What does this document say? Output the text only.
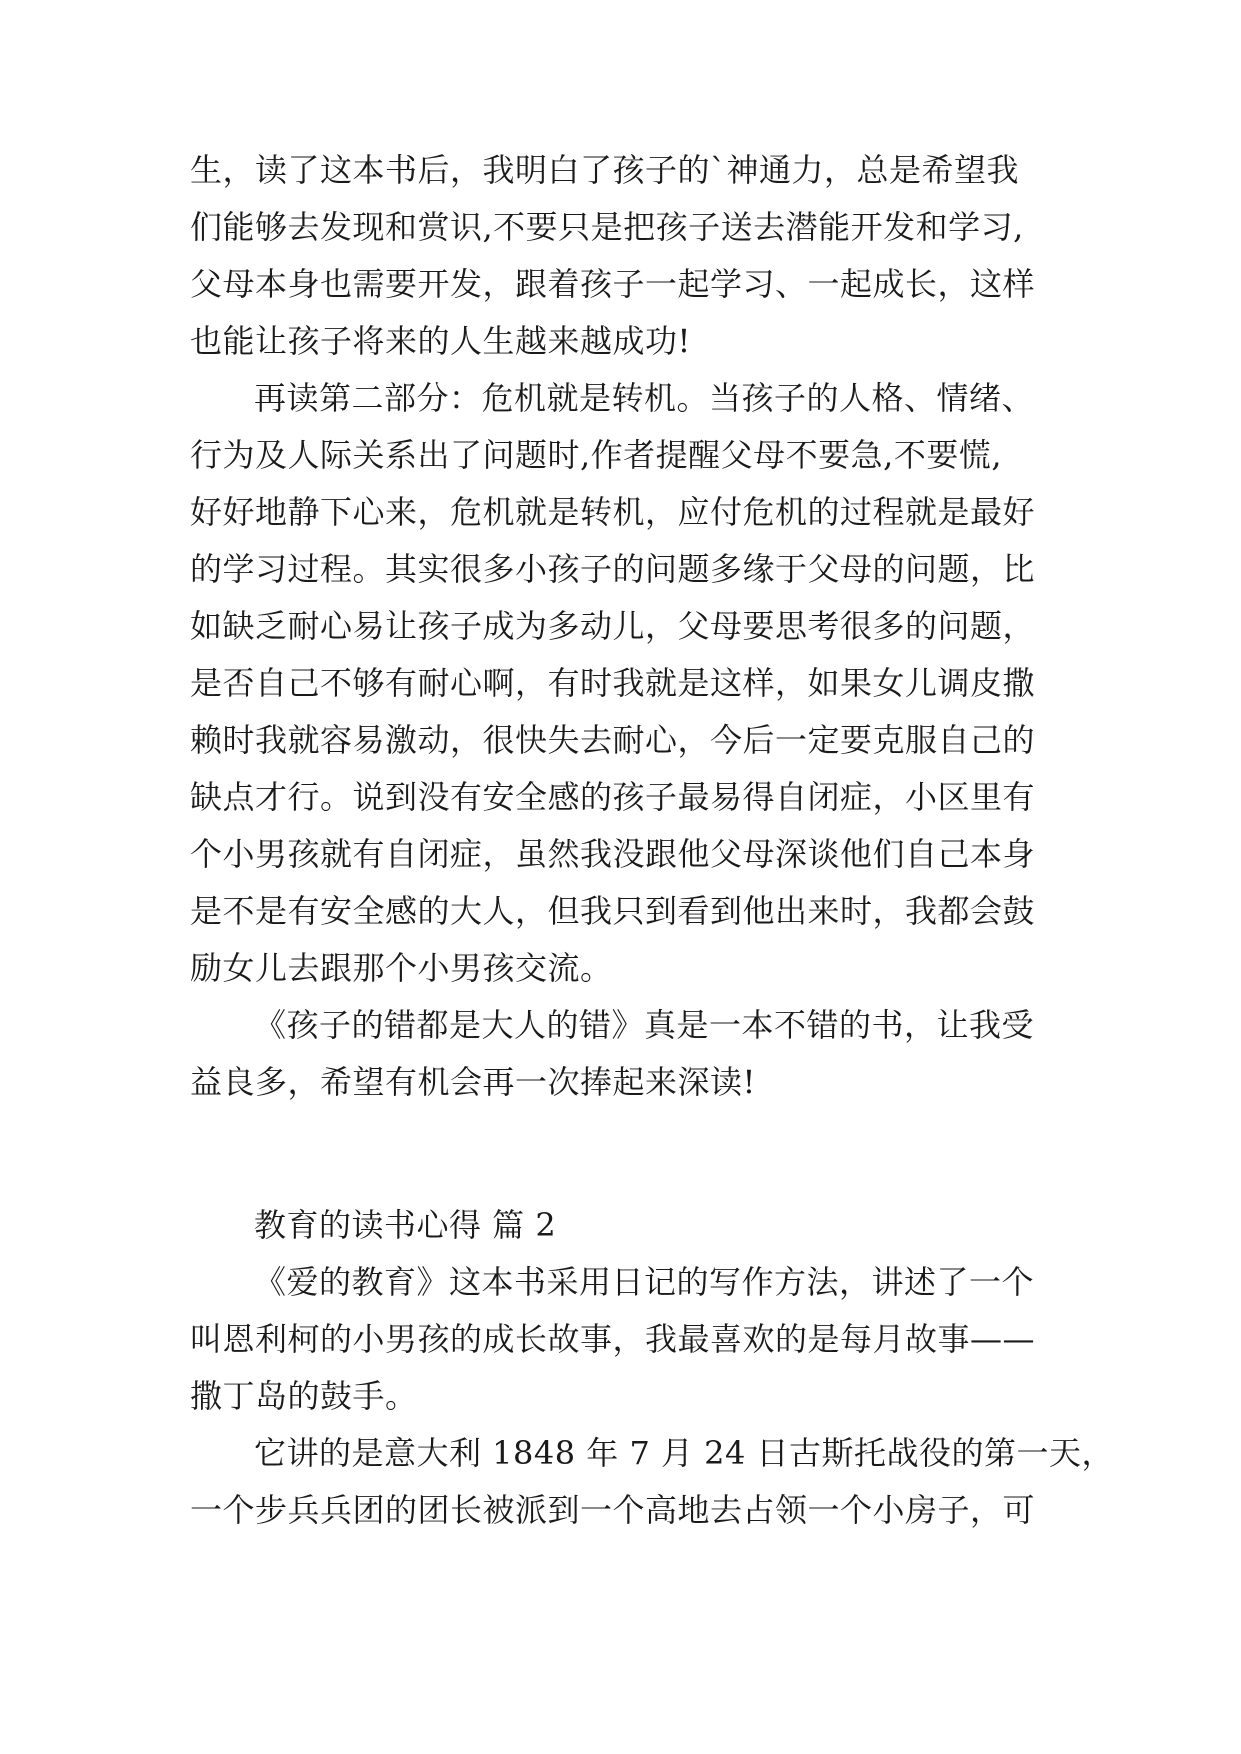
生，读了这本书后，我明白了孩子的`神通力，总是希望我
们能够去发现和赏识,不要只是把孩子送去潜能开发和学习,
父母本身也需要开发，跟着孩子一起学习、一起成长，这样
也能让孩子将来的人生越来越成功!
再读第二部分：危机就是转机。当孩子的人格、情绪、
行为及人际关系出了问题时,作者提醒父母不要急,不要慌,
好好地静下心来，危机就是转机，应付危机的过程就是最好
的学习过程。其实很多小孩子的问题多缘于父母的问题，比
如缺乏耐心易让孩子成为多动儿，父母要思考很多的问题，
是否自己不够有耐心啊，有时我就是这样，如果女儿调皮撒
赖时我就容易激动，很快失去耐心，今后一定要克服自己的
缺点才行。说到没有安全感的孩子最易得自闭症，小区里有
个小男孩就有自闭症，虽然我没跟他父母深谈他们自己本身
是不是有安全感的大人，但我只到看到他出来时，我都会鼓
励女儿去跟那个小男孩交流。
《孩子的错都是大人的错》真是一本不错的书，让我受
益良多，希望有机会再一次捧起来深读!
教育的读书心得 篇 2
《爱的教育》这本书采用日记的写作方法，讲述了一个
叫恩利柯的小男孩的成长故事，我最喜欢的是每月故事——
撒丁岛的鼓手。
它讲的是意大利 1848 年 7 月 24 日古斯托战役的第一天，
一个步兵兵团的团长被派到一个高地去占领一个小房子，可
